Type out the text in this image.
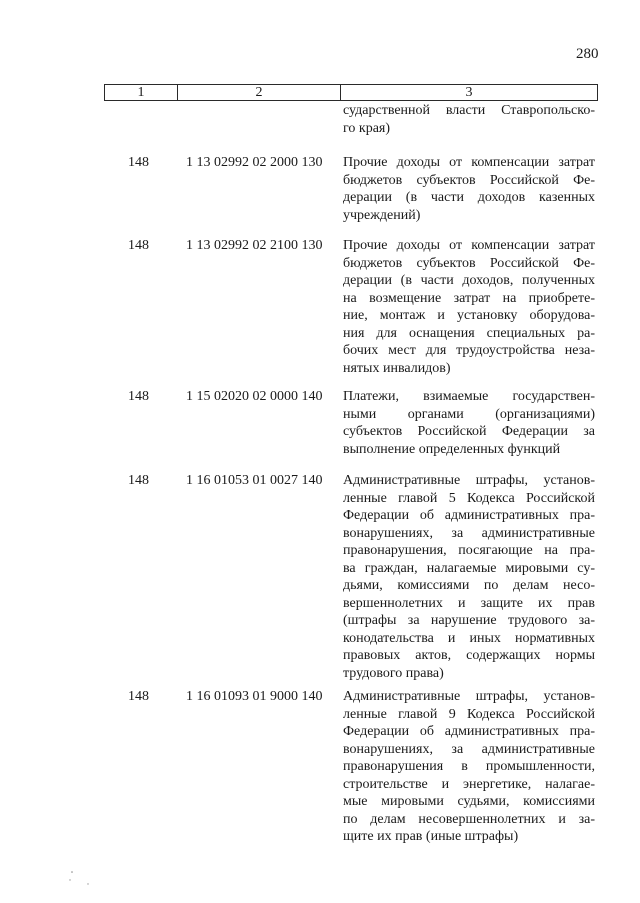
280
1	2	3
сударственной власти Ставропольско-
го края)
148	1 13 02992 02 2000 130 Прочие доходы от компенсации затрат
бюджетов субъектов Российской Фе-
дерации (в части доходов казенных
учреждений)
148	1 13 02992 02 2100 130 Прочие доходы от компенсации затрат
бюджетов субъектов Российской Фе-
дерации (в части доходов, полученных
на возмещение затрат на приобрете-
ние, монтаж и установку оборудова-
ния для оснащения специальных ра-
бочих мест для трудоустройства неза-
нятых инвалидов)
148	1 15 02020 02 0000 140 Платежи, взимаемые государствен-
ными органами (организациями)
субъектов Российской Федерации за
выполнение определенных функций
148	1 16 01053 01 0027 140 Административные штрафы, установ-
ленные главой 5 Кодекса Российской
Федерации об административных пра-
вонарушениях, за административные
правонарушения, посягающие на пра-
ва граждан, налагаемые мировыми су-
дьями, комиссиями по делам несо-
вершеннолетних и защите их прав
(штрафы за нарушение трудового за-
конодательства и иных нормативных
правовых актов, содержащих нормы
трудового права)
148	1 16 01093 01 9000 140 Административные штрафы, установ-
ленные главой 9 Кодекса Российской
Федерации об административных пра-
вонарушениях, за административные
правонарушения в промышленности,
строительстве и энергетике, налагае-
мые мировыми судьями, комиссиями
по делам несовершеннолетних и за-
щите их прав (иные штрафы)
